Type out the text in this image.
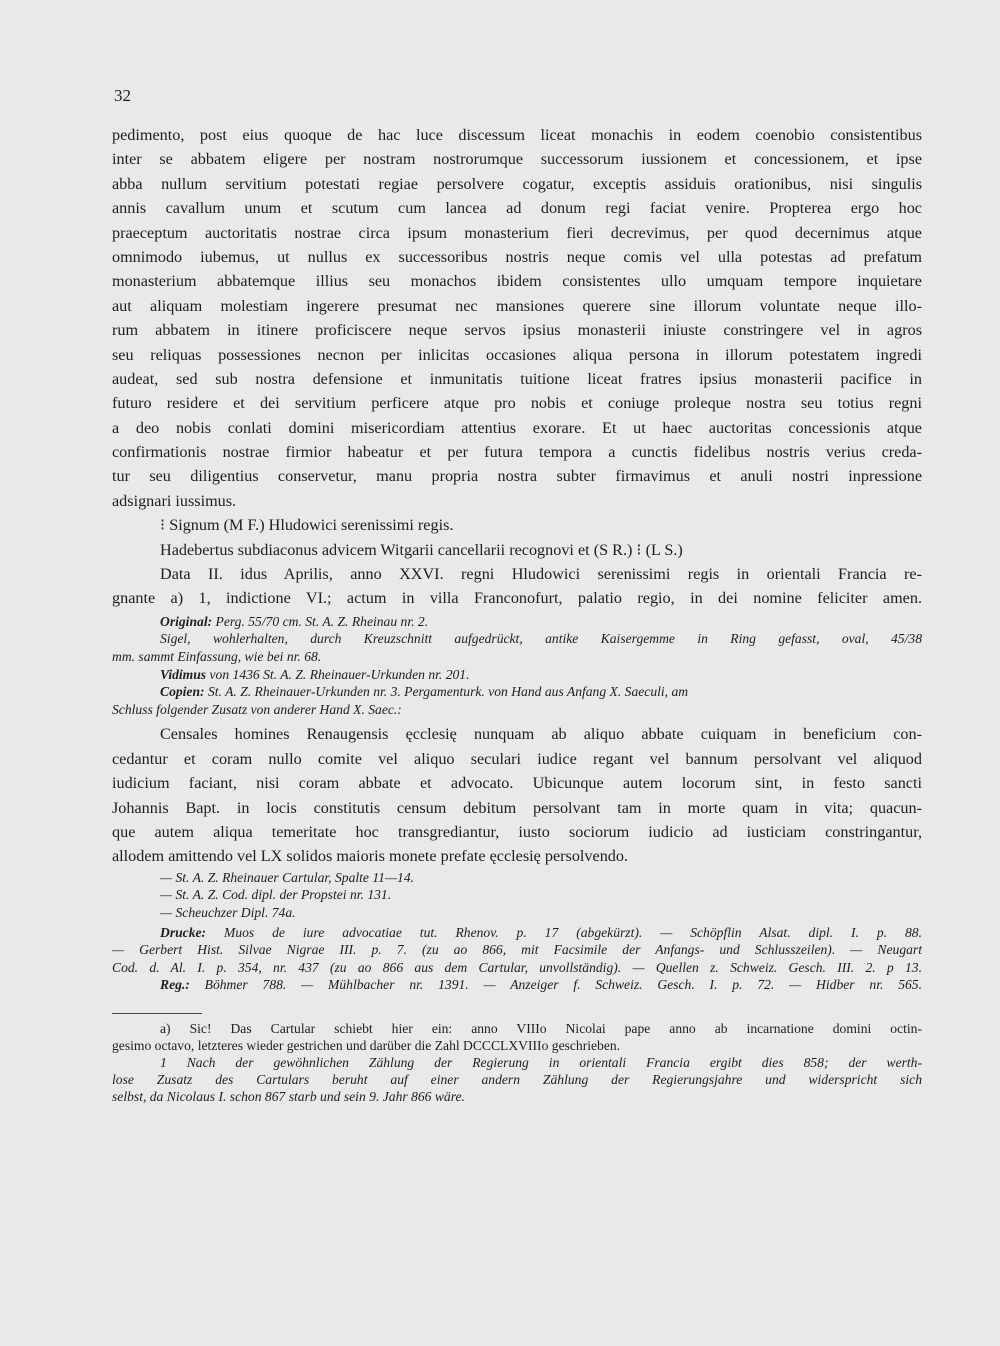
32
pedimento, post eius quoque de hac luce discessum liceat monachis in eodem coenobio consistentibus
inter se abbatem eligere per nostram nostrorumque successorum iussionem et concessionem, et ipse
abba nullum servitium potestati regiae persolvere cogatur, exceptis assiduis orationibus, nisi singulis
annis cavallum unum et scutum cum lancea ad donum regi faciat venire. Propterea ergo hoc
praeceptum auctoritatis nostrae circa ipsum monasterium fieri decrevimus, per quod decernimus atque
omnimodo iubemus, ut nullus ex successoribus nostris neque comis vel ulla potestas ad prefatum
monasterium abbatemque illius seu monachos ibidem consistentes ullo umquam tempore inquietare
aut aliquam molestiam ingerere presumat nec mansiones querere sine illorum voluntate neque illo-
rum abbatem in itinere proficiscere neque servos ipsius monasterii iniuste constringere vel in agros
seu reliquas possessiones necnon per inlicitas occasiones aliqua persona in illorum potestatem ingredi
audeat, sed sub nostra defensione et inmunitatis tuitione liceat fratres ipsius monasterii pacifice in
futuro residere et dei servitium perficere atque pro nobis et coniuge proleque nostra seu totius regni
a deo nobis conlati domini misericordiam attentius exorare. Et ut haec auctoritas concessionis atque
confirmationis nostrae firmior habeatur et per futura tempora a cunctis fidelibus nostris verius creda-
tur seu diligentius conservetur, manu propria nostra subter firmavimus et anuli nostri inpressione
adsignari iussimus.
⁝ Signum (M F.) Hludowici serenissimi regis.
Hadebertus subdiaconus advicem Witgarii cancellarii recognovi et (S R.) ⁝ (L S.)
Data II. idus Aprilis, anno XXVI. regni Hludowici serenissimi regis in orientali Francia re-
gnante a) 1, indictione VI.; actum in villa Franconofurt, palatio regio, in dei nomine feliciter amen.
Original: Perg. 55/70 cm. St. A. Z. Rheinau nr. 2.
Sigel, wohlerhalten, durch Kreuzschnitt aufgedrückt, antike Kaisergemme in Ring gefasst, oval, 45/38
mm. sammt Einfassung, wie bei nr. 68.
Vidimus von 1436 St. A. Z. Rheinauer-Urkunden nr. 201.
Copien: St. A. Z. Rheinauer-Urkunden nr. 3. Pergamenturk. von Hand aus Anfang X. Saeculi, am
Schluss folgender Zusatz von anderer Hand X. Saec.:
Censales homines Renaugensis ęcclesię nunquam ab aliquo abbate cuiquam in beneficium con-
cedantur et coram nullo comite vel aliquo seculari iudice regant vel bannum persolvant vel aliquod
iudicium faciant, nisi coram abbate et advocato. Ubicunque autem locorum sint, in festo sancti
Johannis Bapt. in locis constitutis censum debitum persolvant tam in morte quam in vita; quacun-
que autem aliqua temeritate hoc transgrediantur, iusto sociorum iudicio ad iusticiam constringantur,
allodem amittendo vel LX solidos maioris monete prefate ęcclesię persolvendo.
— St. A. Z. Rheinauer Cartular, Spalte 11—14.
— St. A. Z. Cod. dipl. der Propstei nr. 131.
— Scheuchzer Dipl. 74a.
Drucke: Muos de iure advocatiae tut. Rhenov. p. 17 (abgekürzt). — Schöpflin Alsat. dipl. I. p. 88.
— Gerbert Hist. Silvae Nigrae III. p. 7. (zu ao 866, mit Facsimile der Anfangs- und Schlusszeilen). — Neugart
Cod. d. Al. I. p. 354, nr. 437 (zu ao 866 aus dem Cartular, unvollständig). — Quellen z. Schweiz. Gesch. III. 2. p 13.
Reg.: Böhmer 788. — Mühlbacher nr. 1391. — Anzeiger f. Schweiz. Gesch. I. p. 72. — Hidber nr. 565.
a) Sic! Das Cartular schiebt hier ein: anno VIIIo Nicolai pape anno ab incarnatione domini octin-
gesimo octavo, letzteres wieder gestrichen und darüber die Zahl DCCCLXVIIIo geschrieben.
1 Nach der gewöhnlichen Zählung der Regierung in orientali Francia ergibt dies 858; der werth-
lose Zusatz des Cartulars beruht auf einer andern Zählung der Regierungsjahre und widerspricht sich
selbst, da Nicolaus I. schon 867 starb und sein 9. Jahr 866 wäre.
